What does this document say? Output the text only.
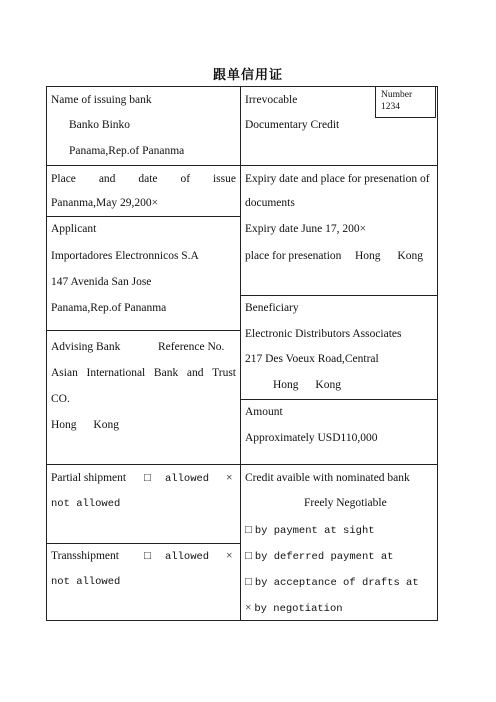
跟单信用证
Number
1234
Name of issuing bank
Banko Binko
Panama,Rep.of Pananma
Irrevocable
Documentary Credit
Place and date of issue
Pananma,May 29,200×
Expiry date and place for presenation of
documents
Expiry date June 17, 200×
place for presenation Hong Kong
Applicant
Importadores Electronnicos S.A
147 Avenida San Jose
Panama,Rep.of Pananma	Beneficiary
Electronic Distributors Associates
217 Des Voeux Road,Central
Hong Kong
Advising Bank	Reference No.
Asian International Bank and Trust
CO.
Hong Kong
Amount
Approximately USD110,000
Partial shipment □ allowed ×
not allowed
Transshipment □ allowed ×
not allowed
Credit avaible with nominated bank
Freely Negotiable
□ by payment at sight
□ by deferred payment at
□ by acceptance of drafts at
× by negotiation
